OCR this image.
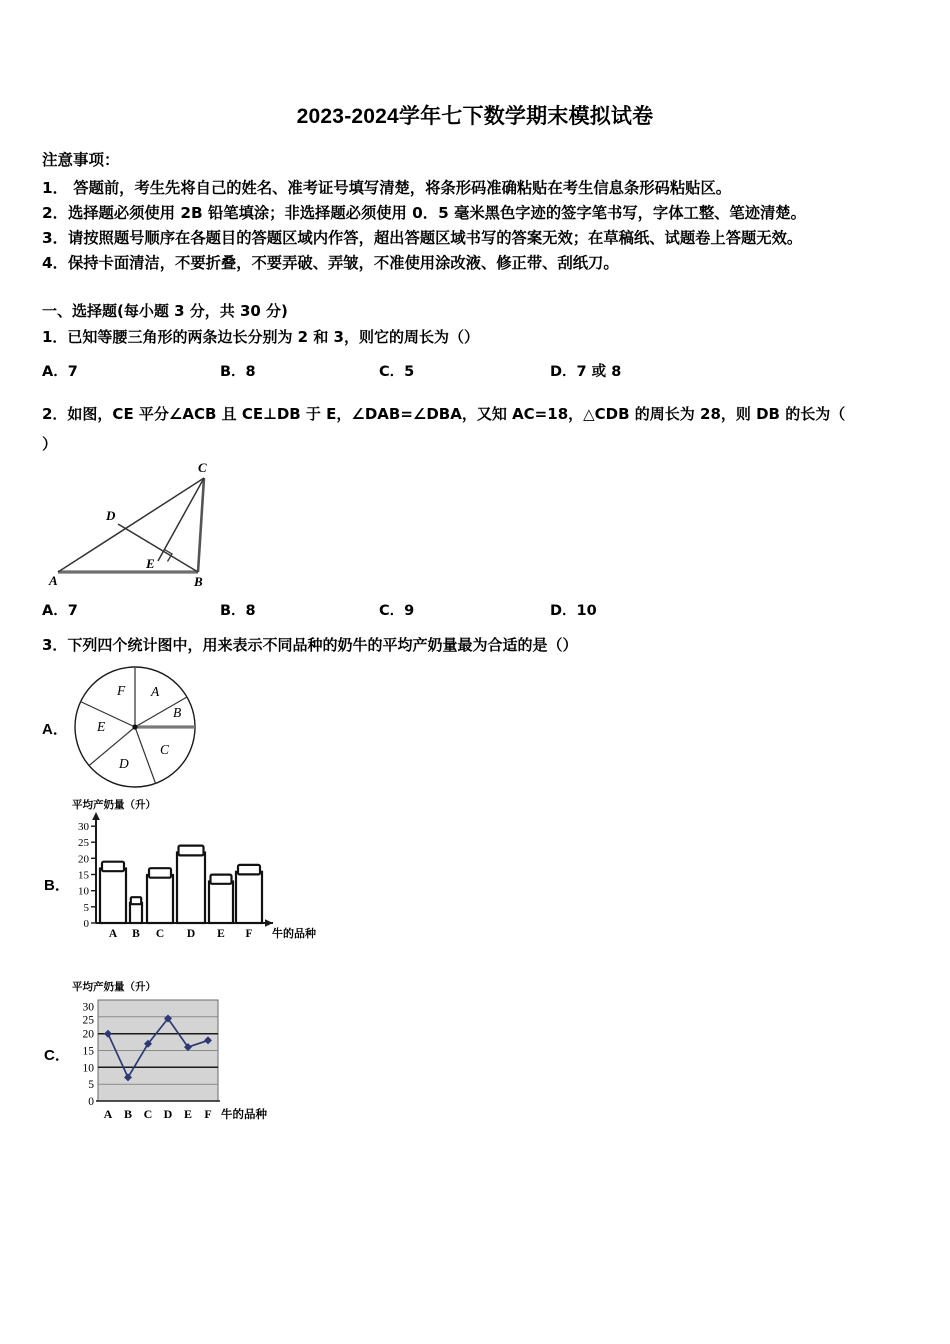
2023-2024学年七下数学期末模拟试卷
注意事项：
1． 答题前，考生先将自己的姓名、准考证号填写清楚，将条形码准确粘贴在考生信息条形码粘贴区。
2．选择题必须使用 2B 铅笔填涂；非选择题必须使用 0．5 毫米黑色字迹的签字笔书写，字体工整、笔迹清楚。
3．请按照题号顺序在各题目的答题区域内作答，超出答题区域书写的答案无效；在草稿纸、试题卷上答题无效。
4．保持卡面清洁，不要折叠，不要弄破、弄皱，不准使用涂改液、修正带、刮纸刀。
一、选择题(每小题 3 分，共 30 分)
1．已知等腰三角形的两条边长分别为 2 和 3，则它的周长为（）
A．7	B．8	C．5	D．7 或 8
2．如图，CE 平分∠ACB 且 CE⊥DB 于 E，∠DAB=∠DBA，又知 AC=18，△CDB 的周长为 28，则 DB 的长为（
）
A	B
C
D
E
A．7	B．8	C．9	D．10
3．下列四个统计图中，用来表示不同品种的奶牛的平均产奶量最为合适的是（）
A．
B．
C．
A
B
C
D
E
F
平均产奶量（升）
0
5
10
15
20
25
30
A B C D E F 牛的品种
平均产奶量（升）
0
5
10
15
20
25
30
A B C D E F 牛的品种
